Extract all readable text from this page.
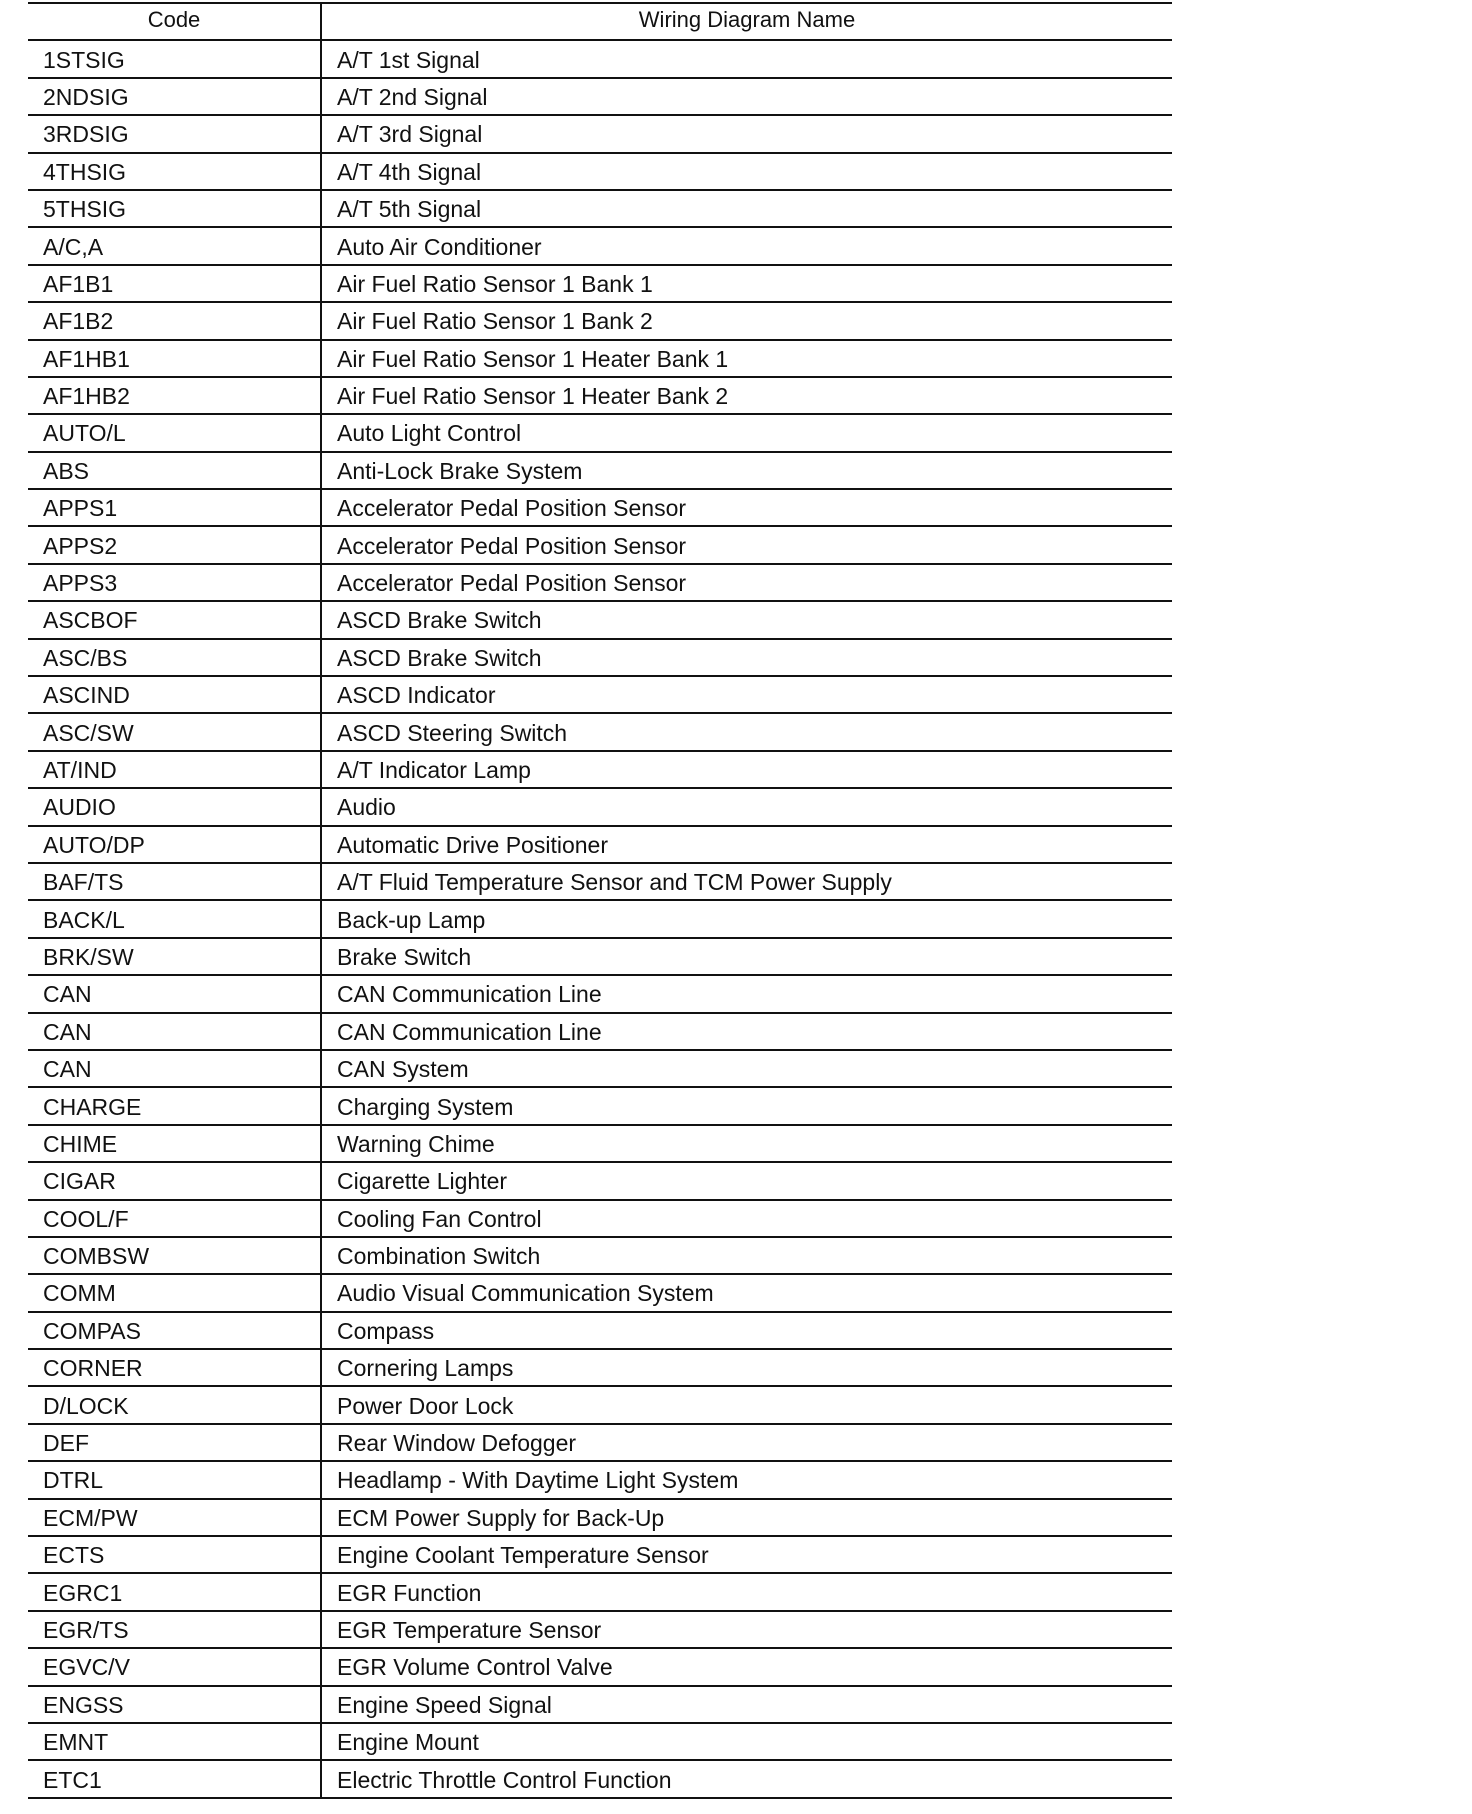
Code	Wiring Diagram Name
1STSIG	A/T 1st Signal
2NDSIG	A/T 2nd Signal
3RDSIG	A/T 3rd Signal
4THSIG	A/T 4th Signal
5THSIG	A/T 5th Signal
A/C,A	Auto Air Conditioner
AF1B1	Air Fuel Ratio Sensor 1 Bank 1
AF1B2	Air Fuel Ratio Sensor 1 Bank 2
AF1HB1	Air Fuel Ratio Sensor 1 Heater Bank 1
AF1HB2	Air Fuel Ratio Sensor 1 Heater Bank 2
AUTO/L	Auto Light Control
ABS	Anti-Lock Brake System
APPS1	Accelerator Pedal Position Sensor
APPS2	Accelerator Pedal Position Sensor
APPS3	Accelerator Pedal Position Sensor
ASCBOF	ASCD Brake Switch
ASC/BS	ASCD Brake Switch
ASCIND	ASCD Indicator
ASC/SW	ASCD Steering Switch
AT/IND	A/T Indicator Lamp
AUDIO	Audio
AUTO/DP	Automatic Drive Positioner
BAF/TS	A/T Fluid Temperature Sensor and TCM Power Supply
BACK/L	Back-up Lamp
BRK/SW	Brake Switch
CAN	CAN Communication Line
CAN	CAN Communication Line
CAN	CAN System
CHARGE	Charging System
CHIME	Warning Chime
CIGAR	Cigarette Lighter
COOL/F	Cooling Fan Control
COMBSW	Combination Switch
COMM	Audio Visual Communication System
COMPAS	Compass
CORNER	Cornering Lamps
D/LOCK	Power Door Lock
DEF	Rear Window Defogger
DTRL	Headlamp - With Daytime Light System
ECM/PW	ECM Power Supply for Back-Up
ECTS	Engine Coolant Temperature Sensor
EGRC1	EGR Function
EGR/TS	EGR Temperature Sensor
EGVC/V	EGR Volume Control Valve
ENGSS	Engine Speed Signal
EMNT	Engine Mount
ETC1	Electric Throttle Control Function
